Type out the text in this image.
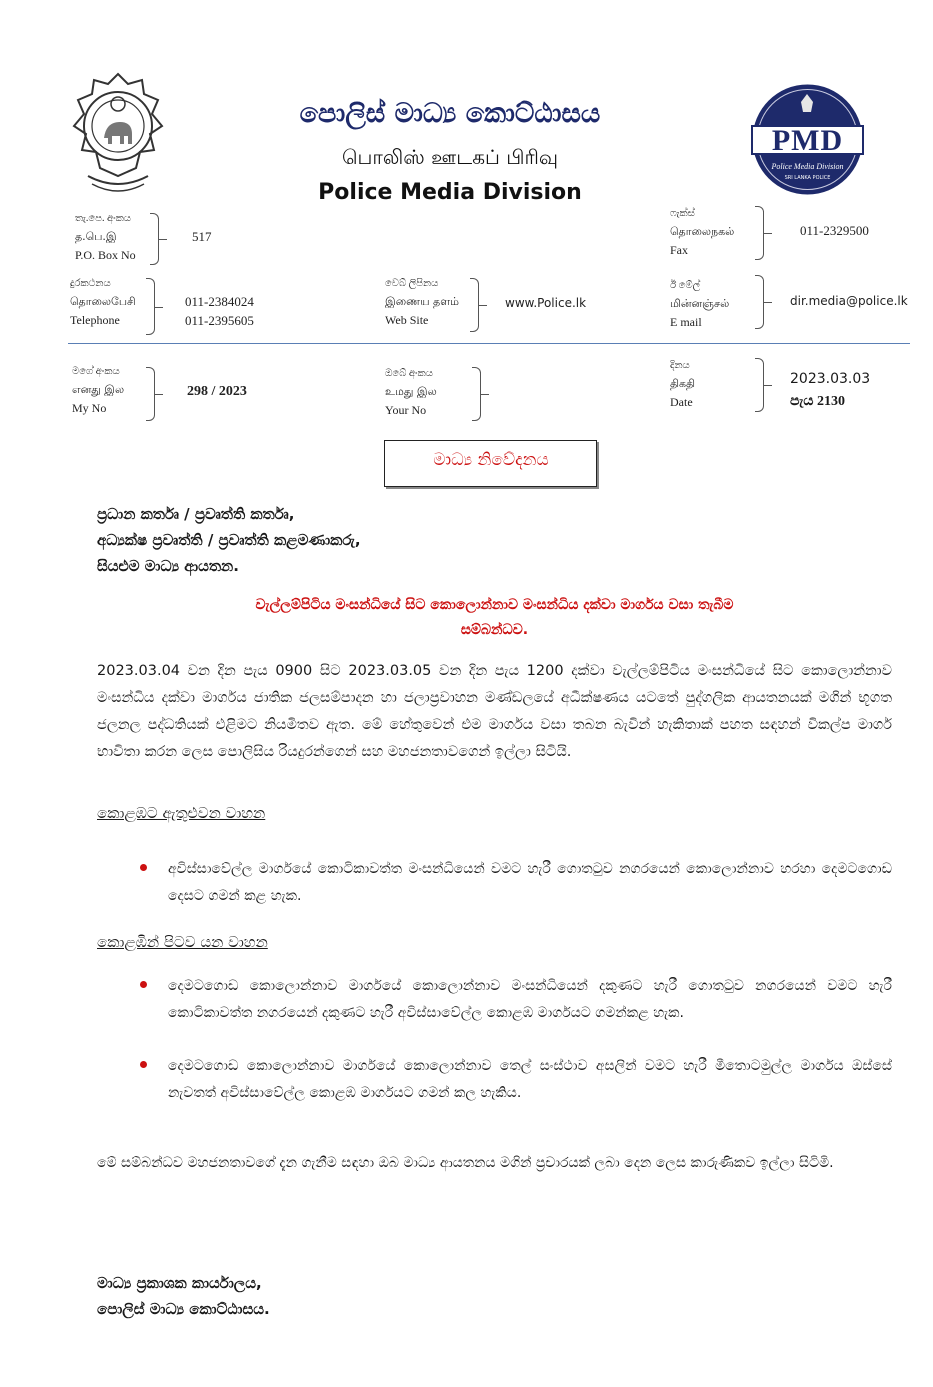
පොලිස් මාධ්‍ය කොට්ඨාසය
பொலிஸ் ஊடகப் பிரிவு
Police Media Division
PMD
Police Media Division
SRI LANKA POLICE
තැ.පෙ. අංකය
த.பெ.இ
P.O. Box No
517
ෆැක්ස්
தொலைநகல்
Fax
011-2329500
දුරකථනය
தொலைபேசி
Telephone
011-2384024
011-2395605
වෙබ් ලිපිනය
இணைய தளம்
Web Site
www.Police.lk
ඊ මේල්
மின்னஞ்சல்
E mail
dir.media@police.lk
මගේ අංකය
எனது இல
My No
298 / 2023
ඔබේ අංකය
உமது இல
Your No
දිනය
திகதி
Date
2023.03.03
පැය 2130
මාධ්‍ය නිවේදනය
ප්‍රධාන කර්තෘ / ප්‍රවෘත්ති කර්තෘ,
අධ්‍යක්ෂ ප්‍රවෘත්ති / ප්‍රවෘත්ති කළමණාකරු,
සියළුම මාධ්‍ය ආයතන.
වැල්ලම්පිටිය මංසන්ධියේ සිට කොලොන්නාව මංසන්ධිය දක්වා මාර්ගය වසා තැබීම
සම්බන්ධව.
2023.03.04 වන දින පැය 0900 සිට 2023.03.05 වන දින පැය 1200 දක්වා වැල්ලම්පිටිය මංසන්ධියේ සිට කොලොන්නාව මංසන්ධිය දක්වා මාර්ගය ජාතික ජලසම්පාදන හා ජලාප්‍රවාහන මණ්ඩලයේ අධීක්ෂණය යටතේ පුද්ගලික ආයතනයක් මගින් භූගත ජලනල පද්ධතියක් එළිමට නියමිතව ඇත. මේ හේතුවෙන් එම මාර්ගය වසා තබන බැවින් හැකිතාක් පහත සඳහන් විකල්ප මාර්ග භාවිතා කරන ලෙස පොලිසිය රියදුරන්ගෙන් සහ මහජනතාවගෙන් ඉල්ලා සිටියි.
කොළඹට ඇතුළුවන වාහන
අවිස්සාවේල්ල මාර්ගයේ කොටිකාවත්ත මංසන්ධියෙන් වමට හැරී ගොතටුව නගරයෙන් කොලොන්නාව හරහා දෙමටගොඩ දෙසට ගමන් කළ හැක.
කොළඹින් පිටව යන වාහන
දෙමටගොඩ කොලොන්නාව මාර්ගයේ කොලොන්නාව මංසන්ධියෙන් දකුණට හැරී ගොතටුව නගරයෙන් වමට හැරී කොටිකාවත්ත නගරයෙන් දකුණට හැරී අවිස්සාවේල්ල කොළඹ මාර්ගයට ගමන්කළ හැක.
දෙමටගොඩ කොලොන්නාව මාර්ගයේ කොලොන්නාව තෙල් සංස්ථාව අසලින් වමට හැරී මීතොටමුල්ල මාර්ගය ඔස්සේ නැවතත් අවිස්සාවේල්ල කොළඹ මාර්ගයට ගමන් කල හැකිය.
මේ සම්බන්ධව මහජනතාවගේ දැන ගැනීම සඳහා ඔබ මාධ්‍ය ආයතනය මගින් ප්‍රචාරයක් ලබා දෙන ලෙස කාරුණිකව ඉල්ලා සිටිමි.
මාධ්‍ය ප්‍රකාශක කාර්යාලය,
පොලිස් මාධ්‍ය කොට්ඨාසය.
